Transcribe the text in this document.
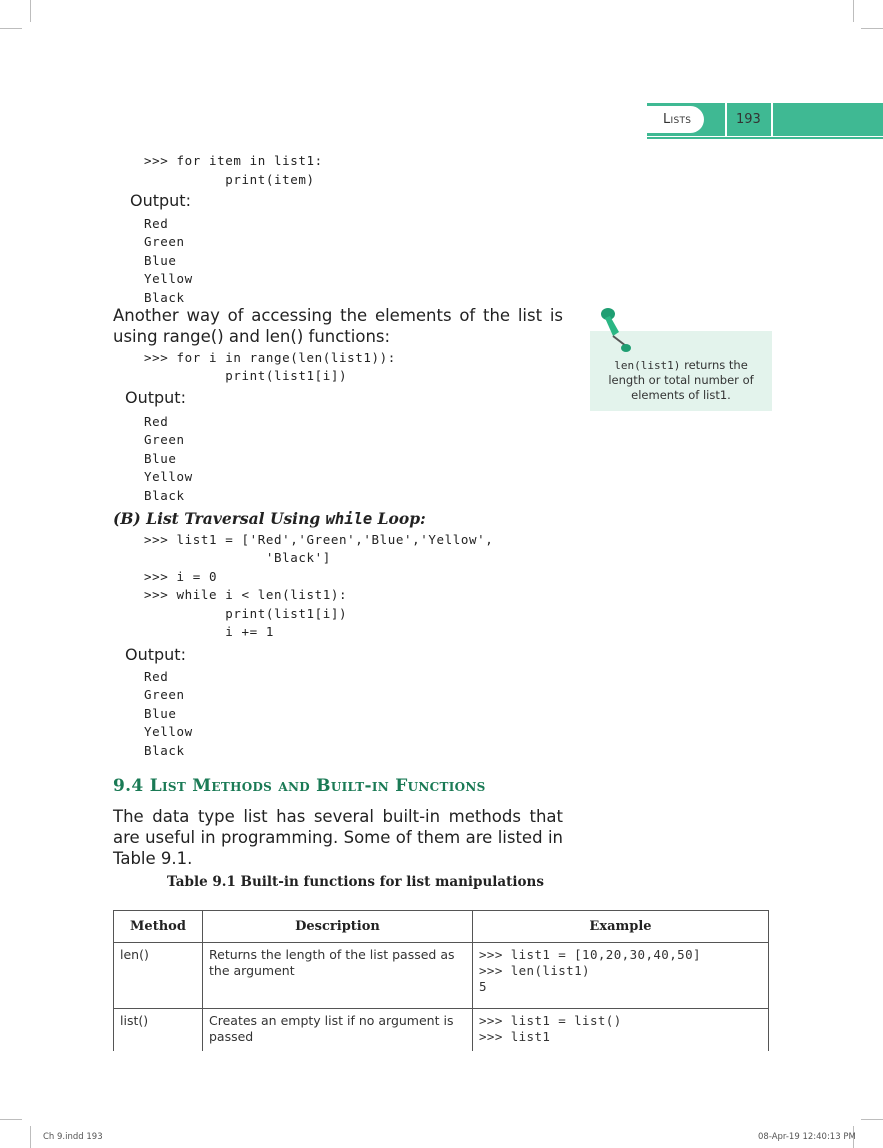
Lists	193
>>> for item in list1:
print(item)
Output:
Red
Green
Blue
Yellow
Black
Another way of accessing the elements of the list is using range() and len() functions:
>>> for i in range(len(list1)):
print(list1[i])
Output:
Red
Green
Blue
Yellow
Black
len(list1) returns the length or total number of elements of list1.
(B) List Traversal Using while Loop:
>>> list1 = ['Red','Green','Blue','Yellow',
'Black']
>>> i = 0
>>> while i < len(list1):
print(list1[i])
i += 1
Output:
Red
Green
Blue
Yellow
Black
9.4 List Methods and Built-in Functions
The data type list has several built-in methods that are useful in programming. Some of them are listed in Table 9.1.
Table 9.1 Built-in functions for list manipulations
Method	Description	Example
len()	Returns the length of the list passed as the argument	>>> list1 = [10,20,30,40,50]
>>> len(list1)
5
list()	Creates an empty list if no argument is passed	>>> list1 = list()
>>> list1
Ch 9.indd 193	08-Apr-19 12:40:13 PM
